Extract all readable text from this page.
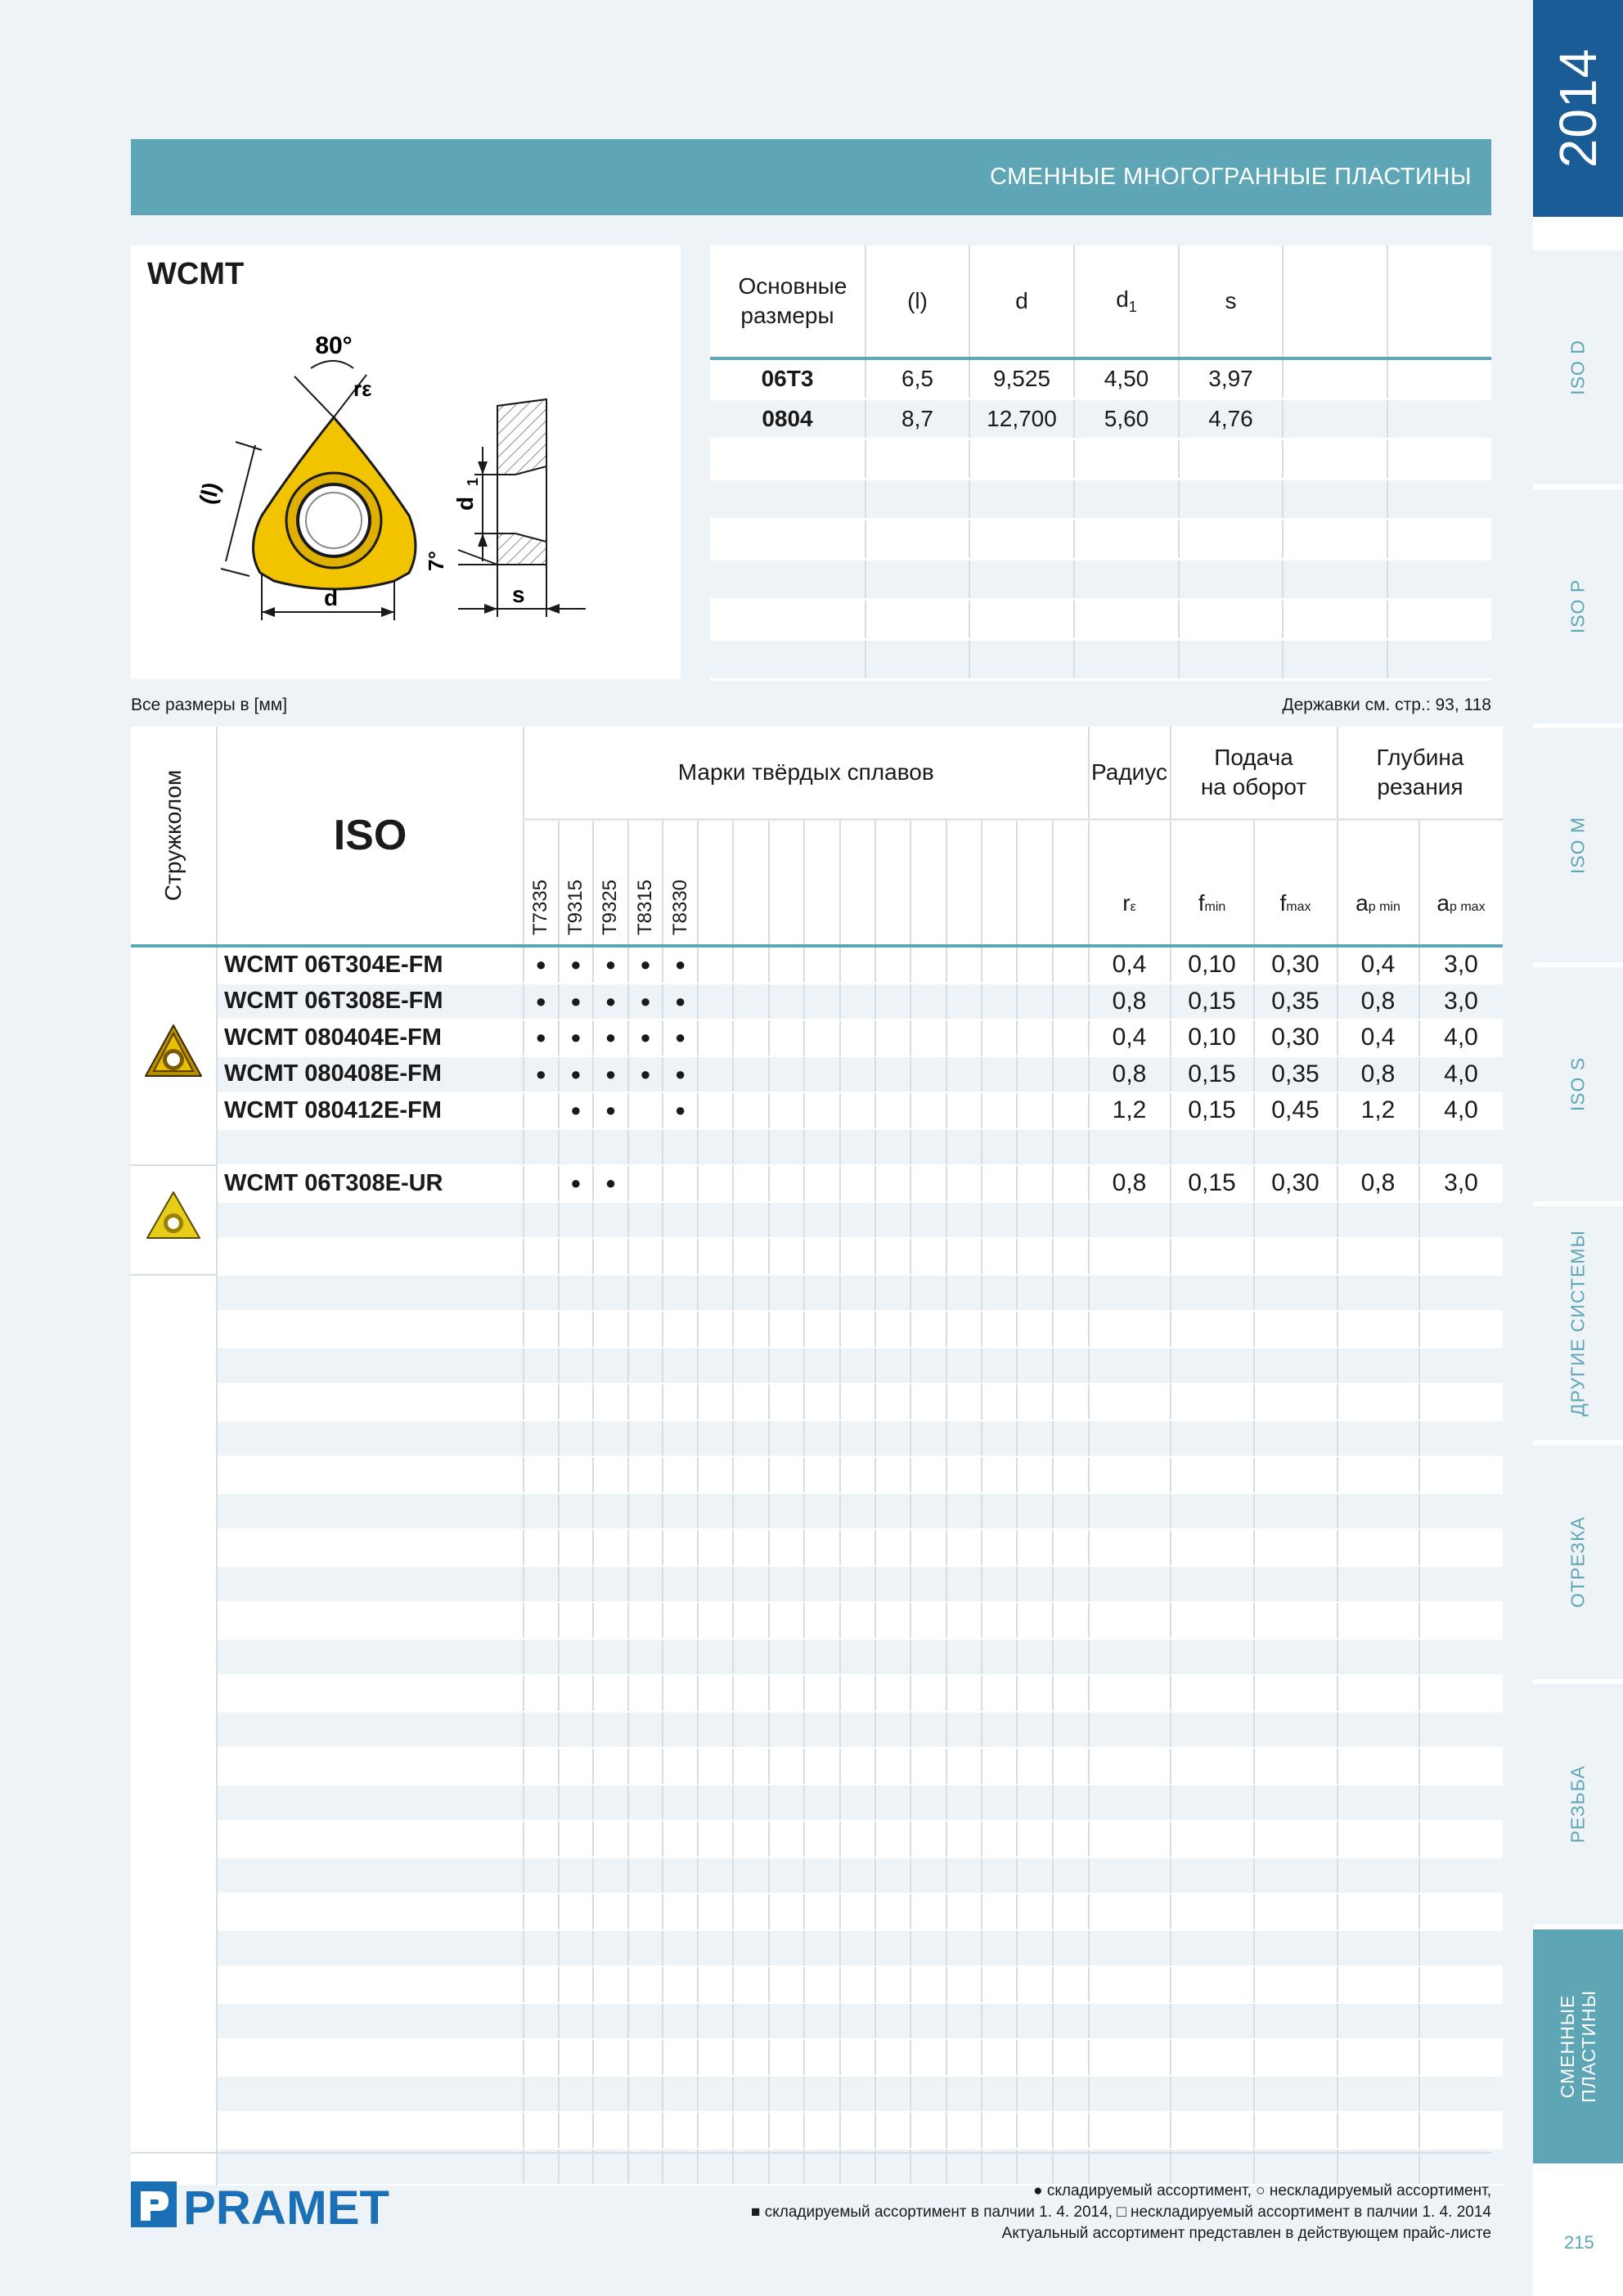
2014
ISO D
ISO P
ISO M
ISO S
ДРУГИЕ СИСТЕМЫ
ОТРЕЗКА
РЕЗЬБА
СМЕННЫЕ ПЛАСТИНЫ
215
СМЕННЫЕ МНОГОГРАННЫЕ ПЛАСТИНЫ
WCMT
80°
rε
(l)
d
d
1
7°
s
Основные размеры	(l)	d	$d_1$	s		
06T3	6,5	9,525	4,50	3,97		
0804	8,7	12,700	5,60	4,76		

Все размеры в [мм]	Державки см. стр.: 93, 118
Стружколом	ISO	Марки твёрдых сплавов																Радиус	Подача на оборот		Глубина резания	

		T7335	T9315	T9325	T8315	T8330												rε	fmin	fmax	ap min	ap max
	WCMT 06T304E-FM	●	●	●	●	●												0,4	0,10	0,30	0,4	3,0
	WCMT 06T308E-FM	●	●	●	●	●												0,8	0,15	0,35	0,8	3,0
	WCMT 080404E-FM	●	●	●	●	●												0,4	0,10	0,30	0,4	4,0
	WCMT 080408E-FM	●	●	●	●	●												0,8	0,15	0,35	0,8	4,0
	WCMT 080412E-FM		●	●		●												1,2	0,15	0,45	1,2	4,0

	WCMT 06T308E-UR		●	●														0,8	0,15	0,30	0,8	3,0

PRAMET	● складируемый ассортимент, ○ нескладируемый ассортимент,
■ складируемый ассортимент в палчии 1. 4. 2014, □ нескладируемый ассортимент в палчии 1. 4. 2014
Актуальный ассортимент представлен в действующем прайс-листе
